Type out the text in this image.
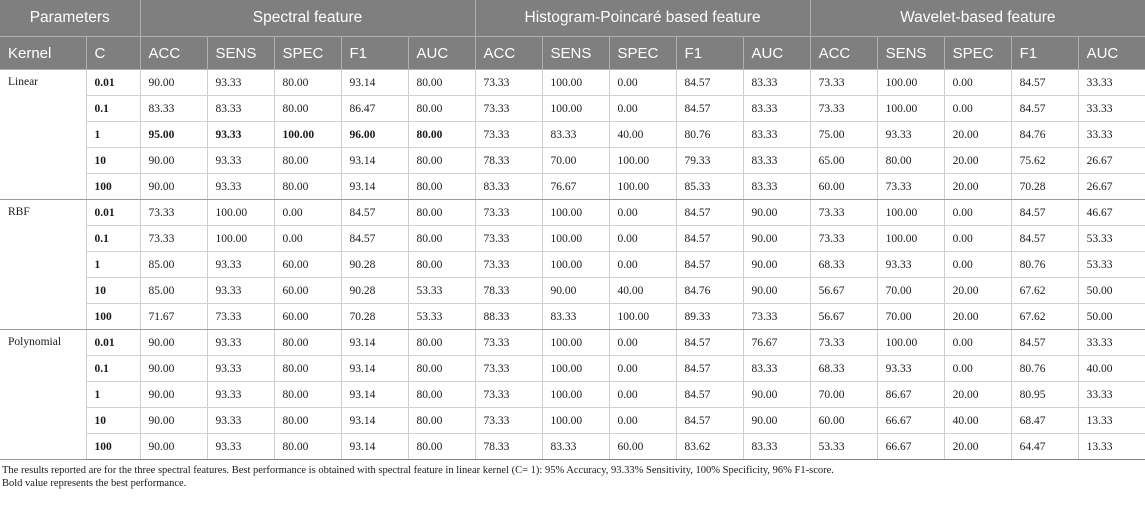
Parameters		Spectral feature					Histogram-Poincaré based feature					Wavelet-based feature				
Kernel	C	ACC	SENS	SPEC	F1	AUC	ACC	SENS	SPEC	F1	AUC	ACC	SENS	SPEC	F1	AUC
Linear	0.01	90.00	93.33	80.00	93.14	80.00	73.33	100.00	0.00	84.57	83.33	73.33	100.00	0.00	84.57	33.33
	0.1	83.33	83.33	80.00	86.47	80.00	73.33	100.00	0.00	84.57	83.33	73.33	100.00	0.00	84.57	33.33
	1	95.00	93.33	100.00	96.00	80.00	73.33	83.33	40.00	80.76	83.33	75.00	93.33	20.00	84.76	33.33
	10	90.00	93.33	80.00	93.14	80.00	78.33	70.00	100.00	79.33	83.33	65.00	80.00	20.00	75.62	26.67
	100	90.00	93.33	80.00	93.14	80.00	83.33	76.67	100.00	85.33	83.33	60.00	73.33	20.00	70.28	26.67
RBF	0.01	73.33	100.00	0.00	84.57	80.00	73.33	100.00	0.00	84.57	90.00	73.33	100.00	0.00	84.57	46.67
	0.1	73.33	100.00	0.00	84.57	80.00	73.33	100.00	0.00	84.57	90.00	73.33	100.00	0.00	84.57	53.33
	1	85.00	93.33	60.00	90.28	80.00	73.33	100.00	0.00	84.57	90.00	68.33	93.33	0.00	80.76	53.33
	10	85.00	93.33	60.00	90.28	53.33	78.33	90.00	40.00	84.76	90.00	56.67	70.00	20.00	67.62	50.00
	100	71.67	73.33	60.00	70.28	53.33	88.33	83.33	100.00	89.33	73.33	56.67	70.00	20.00	67.62	50.00
Polynomial	0.01	90.00	93.33	80.00	93.14	80.00	73.33	100.00	0.00	84.57	76.67	73.33	100.00	0.00	84.57	33.33
	0.1	90.00	93.33	80.00	93.14	80.00	73.33	100.00	0.00	84.57	83.33	68.33	93.33	0.00	80.76	40.00
	1	90.00	93.33	80.00	93.14	80.00	73.33	100.00	0.00	84.57	90.00	70.00	86.67	20.00	80.95	33.33
	10	90.00	93.33	80.00	93.14	80.00	73.33	100.00	0.00	84.57	90.00	60.00	66.67	40.00	68.47	13.33
	100	90.00	93.33	80.00	93.14	80.00	78.33	83.33	60.00	83.62	83.33	53.33	66.67	20.00	64.47	13.33

The results reported are for the three spectral features. Best performance is obtained with spectral feature in linear kernel (C= 1): 95% Accuracy, 93.33% Sensitivity, 100% Specificity, 96% F1-score.

Bold value represents the best performance.
